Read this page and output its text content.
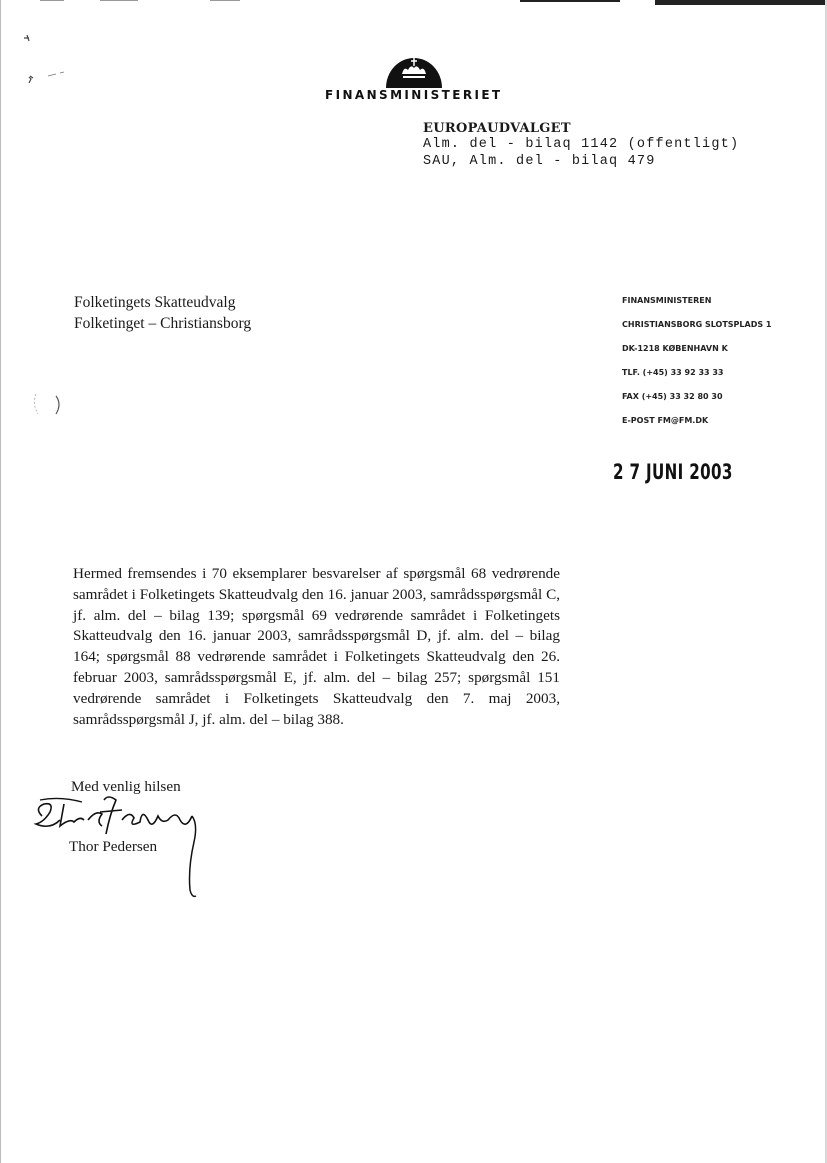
FINANSMINISTERIET
EUROPAUDVALGET
Alm. del - bilaq 1142 (offentligt)
SAU, Alm. del - bilaq 479
Folketingets Skatteudvalg
Folketinget – Christiansborg
FINANSMINISTEREN
CHRISTIANSBORG SLOTSPLADS 1
DK-1218 KØBENHAVN K
TLF. (+45) 33 92 33 33
FAX (+45) 33 32 80 30
E-POST FM@FM.DK
2 7 JUNI 2003
Hermed fremsendes i 70 eksemplarer besvarelser af spørgsmål 68 vedrørende samrådet i Folketingets Skatteudvalg den 16. januar 2003, samrådsspørgsmål C, jf. alm. del – bilag 139; spørgsmål 69 vedrørende samrådet i Folketingets Skatteudvalg den 16. januar 2003, samrådsspørgsmål D, jf. alm. del – bilag 164; spørgsmål 88 vedrørende samrådet i Folketingets Skatteudvalg den 26. februar 2003, samrådsspørgsmål E, jf. alm. del – bilag 257; spørgsmål 151 vedrørende samrådet i Folketingets Skatteudvalg den 7. maj 2003, samrådsspørgsmål J, jf. alm. del – bilag 388.
Med venlig hilsen
Thor Pedersen
